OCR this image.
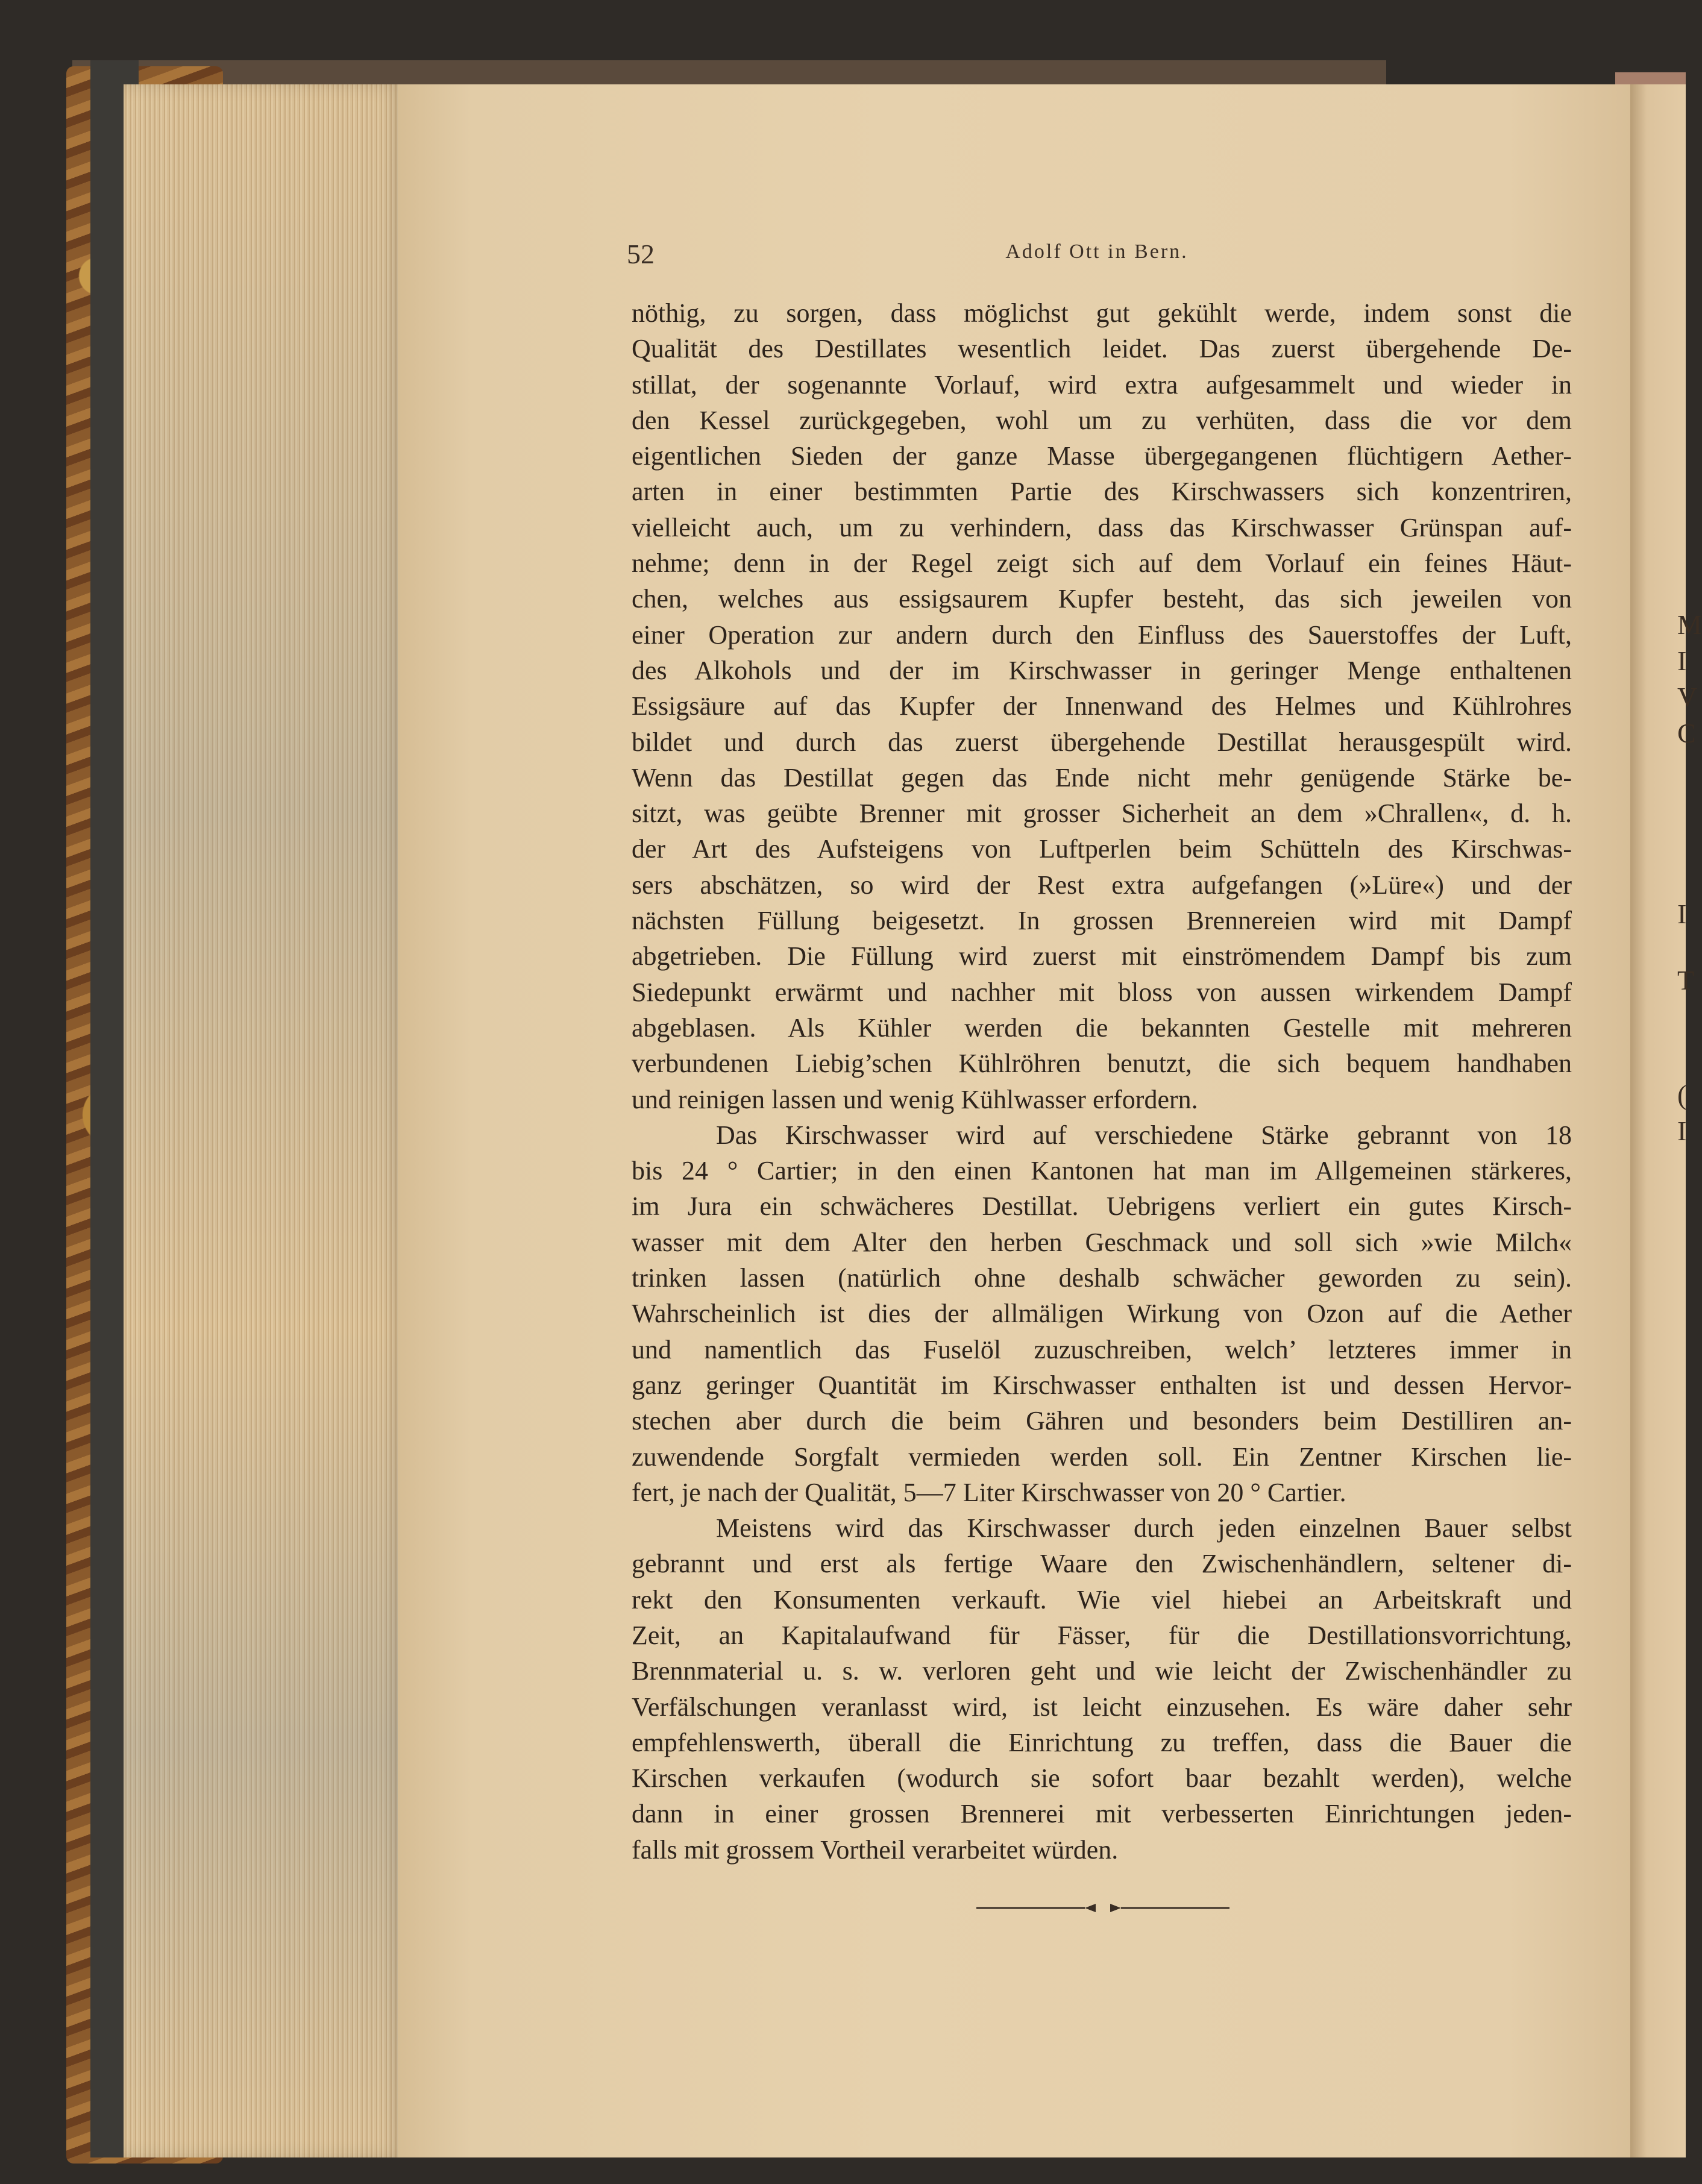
M
I
V
C
I
T
(
I
52	Adolf Ott in Bern.
nöthig, zu sorgen, dass möglichst gut gekühlt werde, indem sonst die
Qualität des Destillates wesentlich leidet. Das zuerst übergehende De-
stillat, der sogenannte Vorlauf, wird extra aufgesammelt und wieder in
den Kessel zurückgegeben, wohl um zu verhüten, dass die vor dem
eigentlichen Sieden der ganze Masse übergegangenen flüchtigern Aether-
arten in einer bestimmten Partie des Kirschwassers sich konzentriren,
vielleicht auch, um zu verhindern, dass das Kirschwasser Grünspan auf-
nehme; denn in der Regel zeigt sich auf dem Vorlauf ein feines Häut-
chen, welches aus essigsaurem Kupfer besteht, das sich jeweilen von
einer Operation zur andern durch den Einfluss des Sauerstoffes der Luft,
des Alkohols und der im Kirschwasser in geringer Menge enthaltenen
Essigsäure auf das Kupfer der Innenwand des Helmes und Kühlrohres
bildet und durch das zuerst übergehende Destillat herausgespült wird.
Wenn das Destillat gegen das Ende nicht mehr genügende Stärke be-
sitzt, was geübte Brenner mit grosser Sicherheit an dem »Chrallen«, d. h.
der Art des Aufsteigens von Luftperlen beim Schütteln des Kirschwas-
sers abschätzen, so wird der Rest extra aufgefangen (»Lüre«) und der
nächsten Füllung beigesetzt. In grossen Brennereien wird mit Dampf
abgetrieben. Die Füllung wird zuerst mit einströmendem Dampf bis zum
Siedepunkt erwärmt und nachher mit bloss von aussen wirkendem Dampf
abgeblasen. Als Kühler werden die bekannten Gestelle mit mehreren
verbundenen Liebig’schen Kühlröhren benutzt, die sich bequem handhaben
und reinigen lassen und wenig Kühlwasser erfordern.
Das Kirschwasser wird auf verschiedene Stärke gebrannt von 18
bis 24 ° Cartier; in den einen Kantonen hat man im Allgemeinen stärkeres,
im Jura ein schwächeres Destillat. Uebrigens verliert ein gutes Kirsch-
wasser mit dem Alter den herben Geschmack und soll sich »wie Milch«
trinken lassen (natürlich ohne deshalb schwächer geworden zu sein).
Wahrscheinlich ist dies der allmäligen Wirkung von Ozon auf die Aether
und namentlich das Fuselöl zuzuschreiben, welch’ letzteres immer in
ganz geringer Quantität im Kirschwasser enthalten ist und dessen Hervor-
stechen aber durch die beim Gähren und besonders beim Destilliren an-
zuwendende Sorgfalt vermieden werden soll. Ein Zentner Kirschen lie-
fert, je nach der Qualität, 5—7 Liter Kirschwasser von 20 ° Cartier.
Meistens wird das Kirschwasser durch jeden einzelnen Bauer selbst
gebrannt und erst als fertige Waare den Zwischenhändlern, seltener di-
rekt den Konsumenten verkauft. Wie viel hiebei an Arbeitskraft und
Zeit, an Kapitalaufwand für Fässer, für die Destillationsvorrichtung,
Brennmaterial u. s. w. verloren geht und wie leicht der Zwischenhändler zu
Verfälschungen veranlasst wird, ist leicht einzusehen. Es wäre daher sehr
empfehlenswerth, überall die Einrichtung zu treffen, dass die Bauer die
Kirschen verkaufen (wodurch sie sofort baar bezahlt werden), welche
dann in einer grossen Brennerei mit verbesserten Einrichtungen jeden-
falls mit grossem Vortheil verarbeitet würden.
